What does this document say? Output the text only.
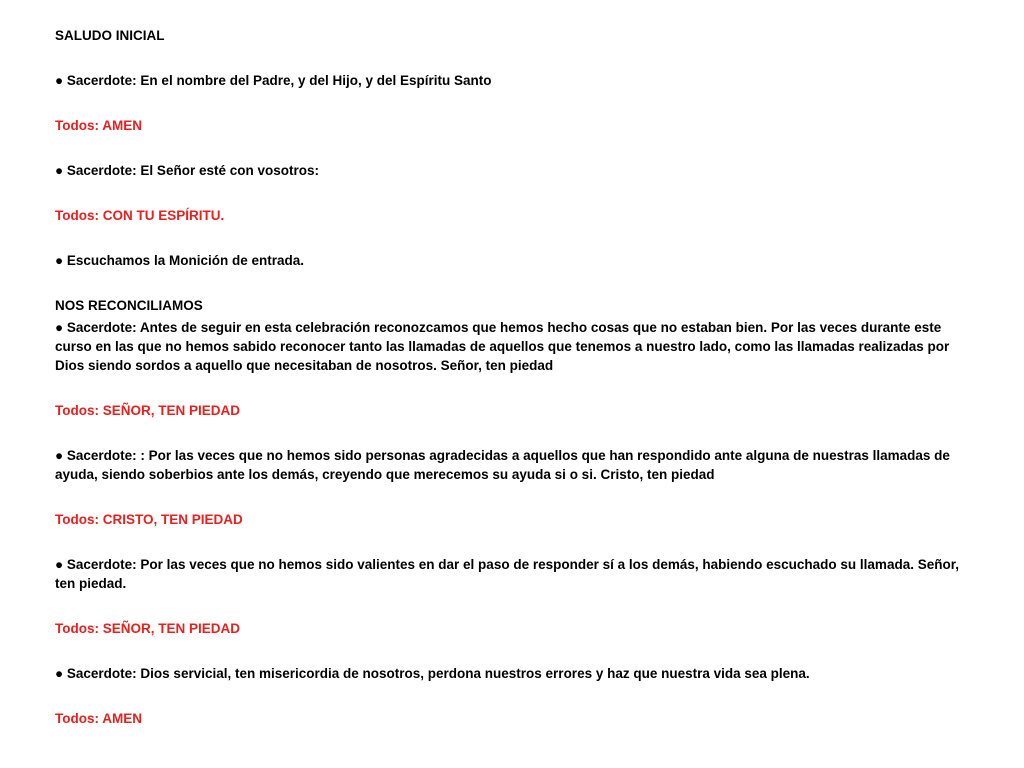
SALUDO INICIAL

● Sacerdote: En el nombre del Padre, y del Hijo, y del Espíritu Santo

Todos: AMEN

● Sacerdote: El Señor esté con vosotros:

Todos: CON TU ESPÍRITU.

● Escuchamos la Monición de entrada.

NOS RECONCILIAMOS

● Sacerdote: Antes de seguir en esta celebración reconozcamos que hemos hecho cosas que no estaban bien. Por las veces durante este curso en las que no hemos sabido reconocer tanto las llamadas de aquellos que tenemos a nuestro lado, como las llamadas realizadas por Dios siendo sordos a aquello que necesitaban de nosotros. Señor, ten piedad

Todos: SEÑOR, TEN PIEDAD

● Sacerdote: : Por las veces que no hemos sido personas agradecidas a aquellos que han respondido ante alguna de nuestras llamadas de ayuda, siendo soberbios ante los demás, creyendo que merecemos su ayuda si o si. Cristo, ten piedad

Todos: CRISTO, TEN PIEDAD

● Sacerdote: Por las veces que no hemos sido valientes en dar el paso de responder sí a los demás, habiendo escuchado su llamada. Señor, ten piedad.

Todos: SEÑOR, TEN PIEDAD

● Sacerdote: Dios servicial, ten misericordia de nosotros, perdona nuestros errores y haz que nuestra vida sea plena.

Todos: AMEN
